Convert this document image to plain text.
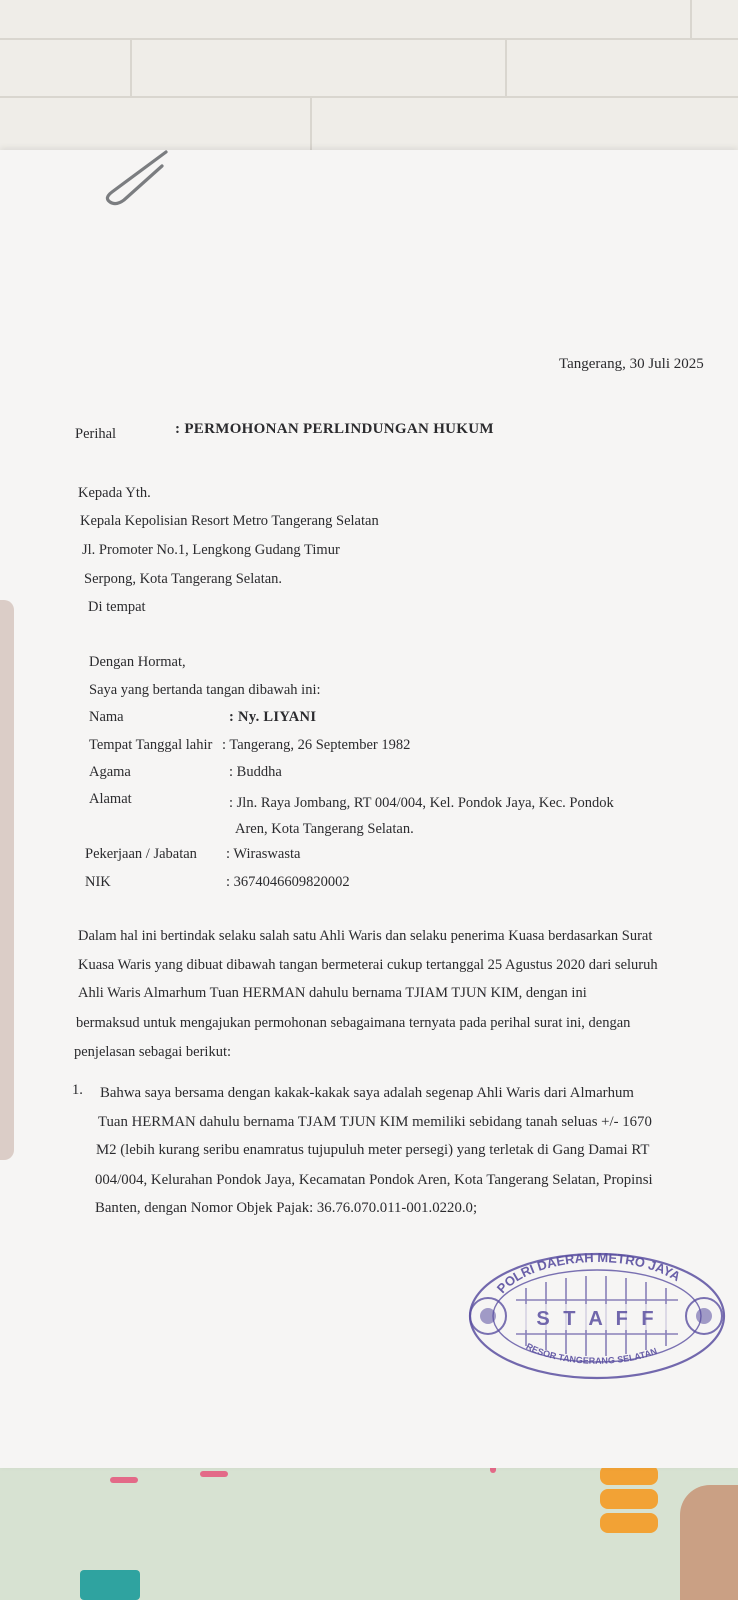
Tangerang, 30 Juli 2025
Perihal	: PERMOHONAN PERLINDUNGAN HUKUM
Kepada Yth.
Kepala Kepolisian Resort Metro Tangerang Selatan
Jl. Promoter No.1, Lengkong Gudang Timur
Serpong, Kota Tangerang Selatan.
Di tempat
Dengan Hormat,
Saya yang bertanda tangan dibawah ini:
Nama	: Ny. LIYANI
Tempat Tanggal lahir : Tangerang, 26 September 1982
Agama	: Buddha
Alamat	: Jln. Raya Jombang, RT 004/004, Kel. Pondok Jaya, Kec. Pondok
Aren, Kota Tangerang Selatan.
Pekerjaan / Jabatan : Wiraswasta
NIK	: 3674046609820002
Dalam hal ini bertindak selaku salah satu Ahli Waris dan selaku penerima Kuasa berdasarkan Surat
Kuasa Waris yang dibuat dibawah tangan bermeterai cukup tertanggal 25 Agustus 2020 dari seluruh
Ahli Waris Almarhum Tuan HERMAN dahulu bernama TJIAM TJUN KIM, dengan ini
bermaksud untuk mengajukan permohonan sebagaimana ternyata pada perihal surat ini, dengan
penjelasan sebagai berikut:
1. Bahwa saya bersama dengan kakak-kakak saya adalah segenap Ahli Waris dari Almarhum
Tuan HERMAN dahulu bernama TJAM TJUN KIM memiliki sebidang tanah seluas +/- 1670
M2 (lebih kurang seribu enamratus tujupuluh meter persegi) yang terletak di Gang Damai RT
004/004, Kelurahan Pondok Jaya, Kecamatan Pondok Aren, Kota Tangerang Selatan, Propinsi
Banten, dengan Nomor Objek Pajak: 36.76.070.011-001.0220.0;
POLRI DAERAH METRO JAYA
S T A F F
RESOR TANGERANG SELATAN
